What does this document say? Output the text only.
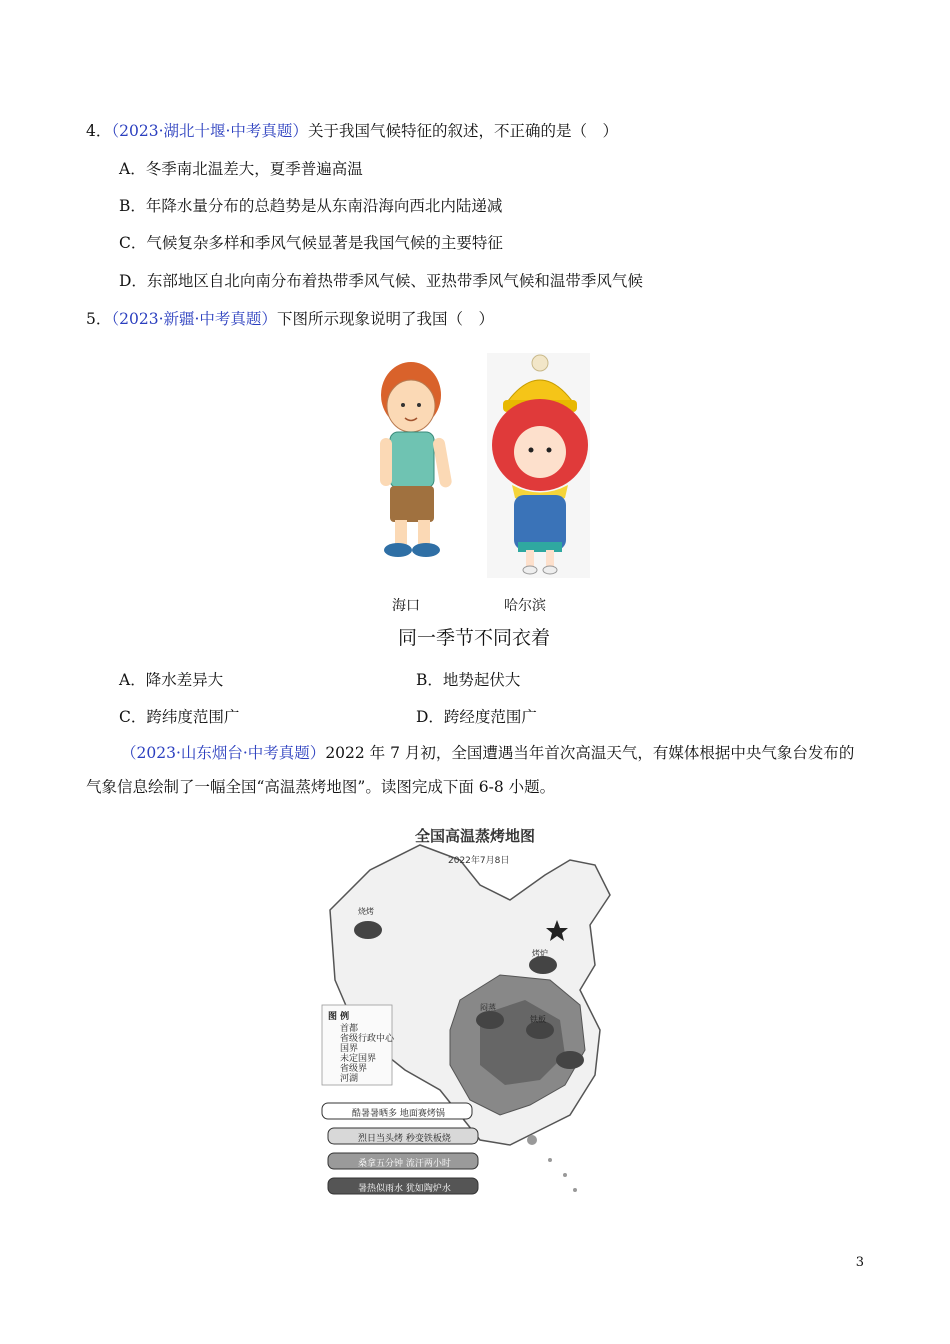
4．（2023·湖北十堰·中考真题）关于我国气候特征的叙述，不正确的是（　）
A．冬季南北温差大，夏季普遍高温
B．年降水量分布的总趋势是从东南沿海向西北内陆递减
C．气候复杂多样和季风气候显著是我国气候的主要特征
D．东部地区自北向南分布着热带季风气候、亚热带季风气候和温带季风气候
5．（2023·新疆·中考真题）下图所示现象说明了我国（　）
海口	哈尔滨
同一季节不同衣着
A．降水差异大	B．地势起伏大
C．跨纬度范围广	D．跨经度范围广
（2023·山东烟台·中考真题）2022 年 7 月初，全国遭遇当年首次高温天气，有媒体根据中央气象台发布的气象信息绘制了一幅全国“高温蒸烤地图”。读图完成下面 6-8 小题。
全国高温蒸烤地图
2022年7月8日
图 例
首都
省级行政中心
国界
未定国界
省级界
河湖
酷暑暑晒多 地面赛烤锅
烈日当头烤 秒变铁板烧
桑拿五分钟 流汗两小时
暑热似雨水 犹如陶炉水
烧烤
烤炉
闷蒸
铁板
3
